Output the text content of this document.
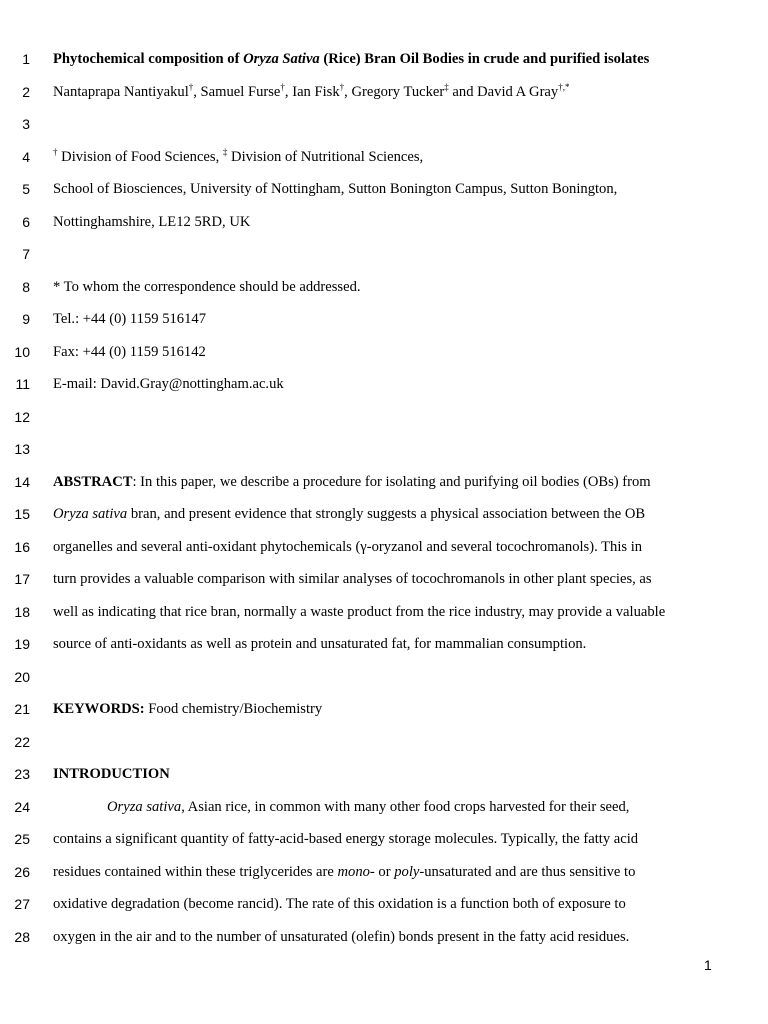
1 Phytochemical composition of Oryza Sativa (Rice) Bran Oil Bodies in crude and purified isolates
2 Nantaprapa Nantiyakul†, Samuel Furse†, Ian Fisk†, Gregory Tucker‡ and David A Gray†,*
3
4	† Division of Food Sciences, ‡ Division of Nutritional Sciences,
5 School of Biosciences, University of Nottingham, Sutton Bonington Campus, Sutton Bonington,
6 Nottinghamshire, LE12 5RD, UK
7
8 * To whom the correspondence should be addressed.
9 Tel.: +44 (0) 1159 516147
10 Fax: +44 (0) 1159 516142
11 E-mail: David.Gray@nottingham.ac.uk
12
13
14 ABSTRACT: In this paper, we describe a procedure for isolating and purifying oil bodies (OBs) from
15 Oryza sativa bran, and present evidence that strongly suggests a physical association between the OB
16 organelles and several anti-oxidant phytochemicals (γ-oryzanol and several tocochromanols). This in
17 turn provides a valuable comparison with similar analyses of tocochromanols in other plant species, as
18 well as indicating that rice bran, normally a waste product from the rice industry, may provide a valuable
19 source of anti-oxidants as well as protein and unsaturated fat, for mammalian consumption.
20
21 KEYWORDS: Food chemistry/Biochemistry
22
23 INTRODUCTION
24	Oryza sativa, Asian rice, in common with many other food crops harvested for their seed,
25 contains a significant quantity of fatty-acid-based energy storage molecules. Typically, the fatty acid
26 residues contained within these triglycerides are mono- or poly-unsaturated and are thus sensitive to
27 oxidative degradation (become rancid). The rate of this oxidation is a function both of exposure to
28 oxygen in the air and to the number of unsaturated (olefin) bonds present in the fatty acid residues.
1
